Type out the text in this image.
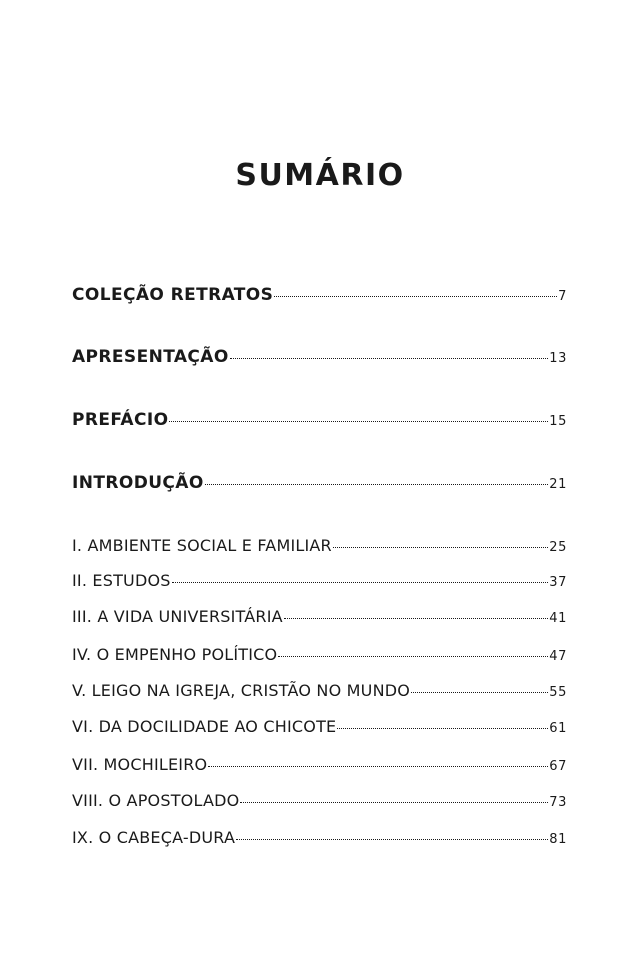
SUMÁRIO
COLEÇÃO RETRATOS	7
APRESENTAÇÃO	13
PREFÁCIO	15
INTRODUÇÃO	21
I. AMBIENTE SOCIAL E FAMILIAR	25
II. ESTUDOS	37
III. A VIDA UNIVERSITÁRIA	41
IV. O EMPENHO POLÍTICO	47
V. LEIGO NA IGREJA, CRISTÃO NO MUNDO	55
VI. DA DOCILIDADE AO CHICOTE	61
VII. MOCHILEIRO	67
VIII. O APOSTOLADO	73
IX. O CABEÇA-DURA	81
